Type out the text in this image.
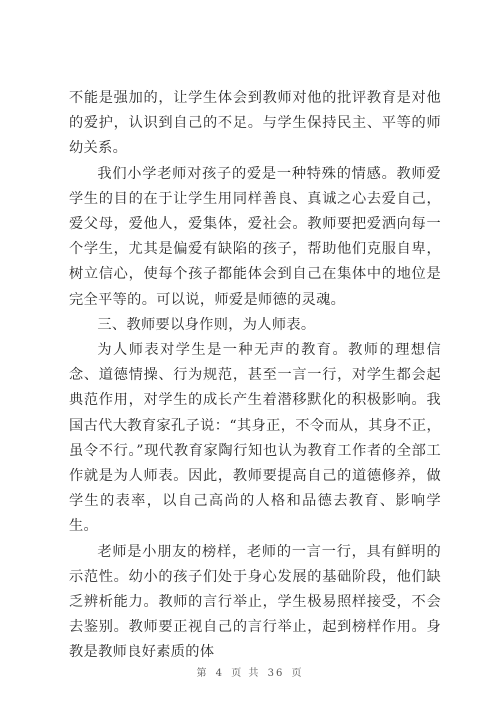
不能是强加的，让学生体会到教师对他的批评教育是对他的爱护，认识到自己的不足。与学生保持民主、平等的师幼关系。

我们小学老师对孩子的爱是一种特殊的情感。教师爱学生的目的在于让学生用同样善良、真诚之心去爱自己，爱父母，爱他人，爱集体，爱社会。教师要把爱洒向每一个学生，尤其是偏爱有缺陷的孩子，帮助他们克服自卑，树立信心，使每个孩子都能体会到自己在集体中的地位是完全平等的。可以说，师爱是师德的灵魂。

三、教师要以身作则，为人师表。

为人师表对学生是一种无声的教育。教师的理想信念、道德情操、行为规范，甚至一言一行，对学生都会起典范作用，对学生的成长产生着潜移默化的积极影响。我国古代大教育家孔子说：“其身正，不令而从，其身不正，虽令不行。”现代教育家陶行知也认为教育工作者的全部工作就是为人师表。因此，教师要提高自己的道德修养，做学生的表率，以自己高尚的人格和品德去教育、影响学生。

老师是小朋友的榜样，老师的一言一行，具有鲜明的示范性。幼小的孩子们处于身心发展的基础阶段，他们缺乏辨析能力。教师的言行举止，学生极易照样接受，不会去鉴别。教师要正视自己的言行举止，起到榜样作用。身教是教师良好素质的体

第 4 页 共 36 页
